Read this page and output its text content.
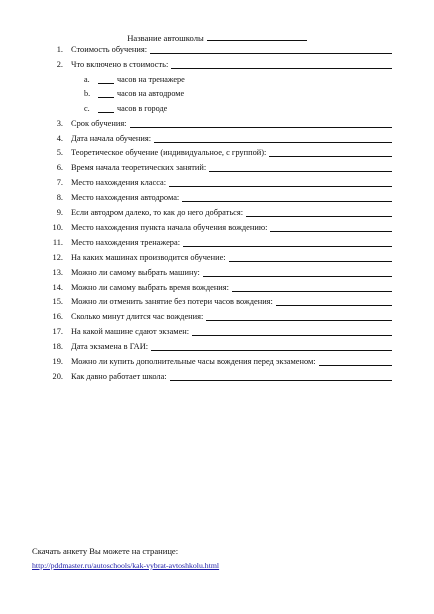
Название автошколы
1. Стоимость обучения:
2. Что включено в стоимость:
a.	часов на тренажере
b.	часов на автодроме
c.	часов в городе
3. Срок обучения:
4. Дата начала обучения:
5. Теоретическое обучение (индивидуальное, с группой):
6. Время начала теоретических занятий:
7. Место нахождения класса:
8. Место нахождения автодрома:
9. Если автодром далеко, то как до него добраться:
10. Место нахождения пункта начала обучения вождению:
11. Место нахождения тренажера:
12. На каких машинах производится обучение:
13. Можно ли самому выбрать машину:
14. Можно ли самому выбрать время вождения:
15. Можно ли отменить занятие без потери часов вождения:
16. Сколько минут длится час вождения:
17. На какой машине сдают экзамен:
18. Дата экзамена в ГАИ:
19. Можно ли купить дополнительные часы вождения перед экзаменом:
20. Как давно работает школа:
Скачать анкету Вы можете на странице:
http://pddmaster.ru/autoschools/kak-vybrat-avtoshkolu.html
